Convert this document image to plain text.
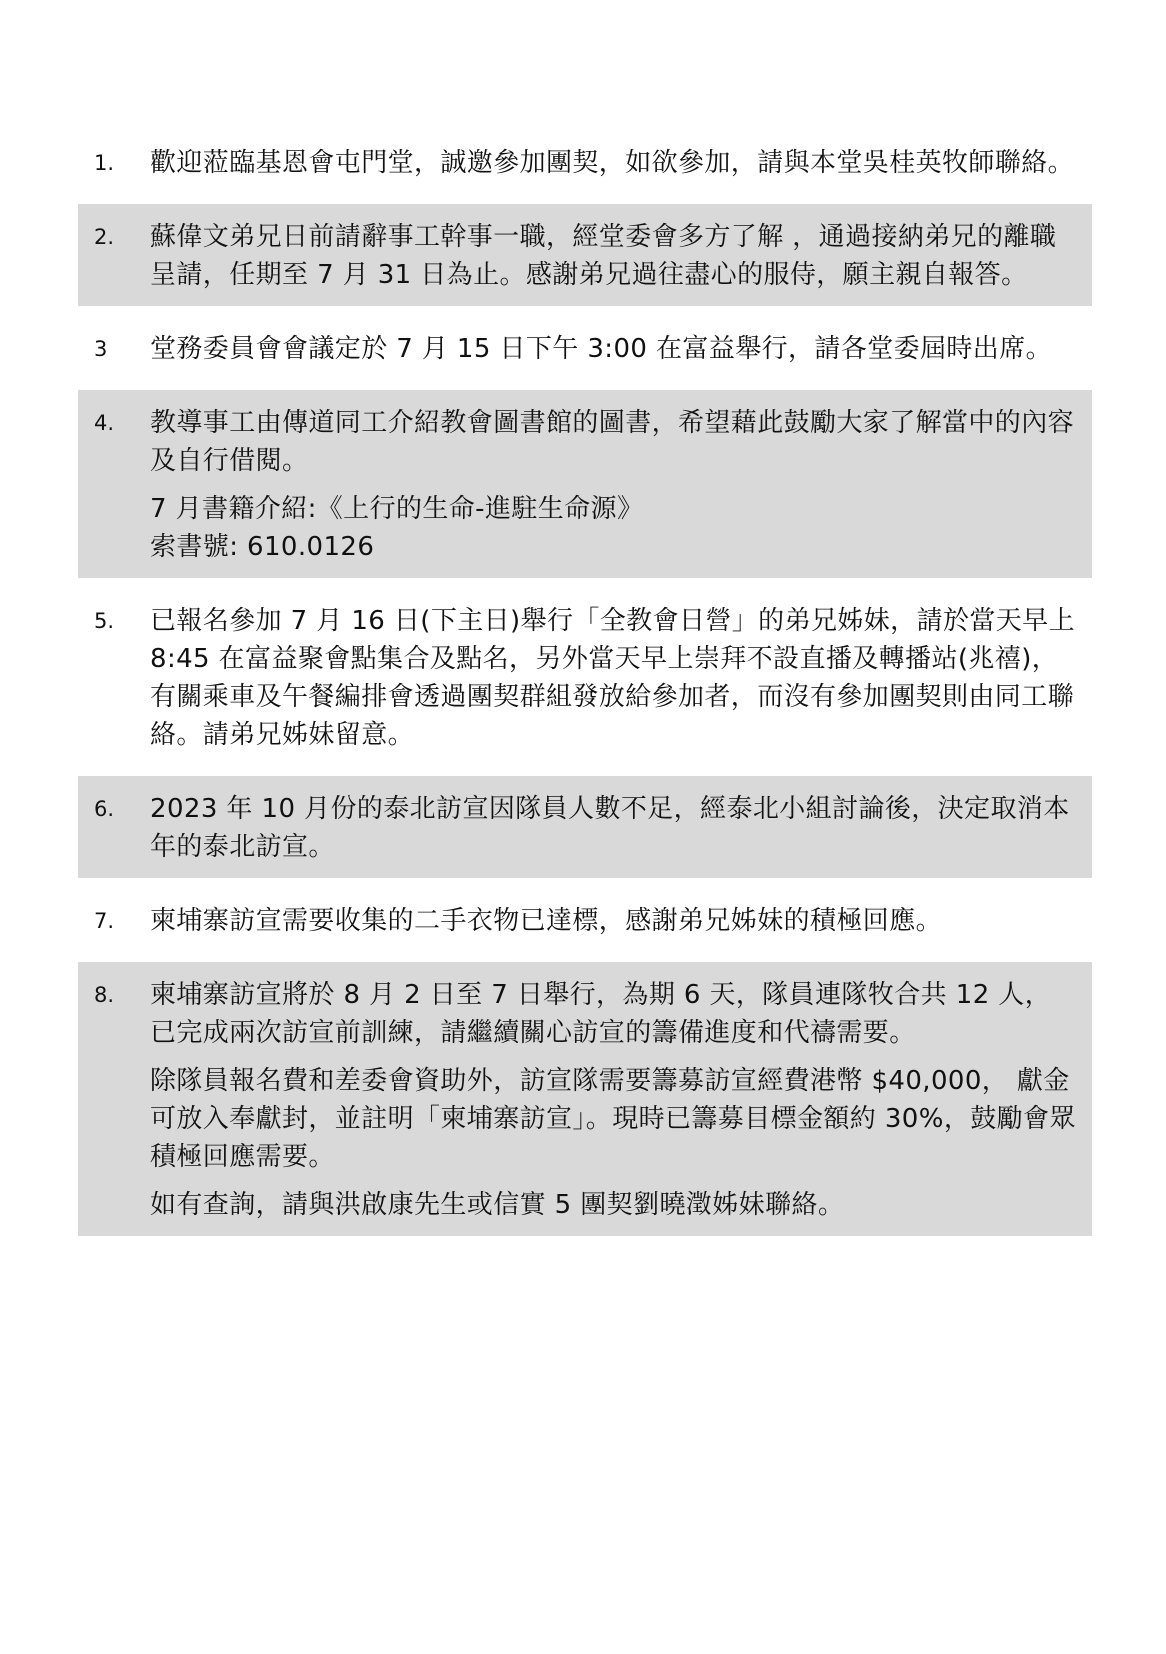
1. 歡迎蒞臨基恩會屯門堂，誠邀參加團契，如欲參加，請與本堂吳桂英牧師聯絡。

2. 蘇偉文弟兄日前請辭事工幹事一職，經堂委會多方了解 ，通過接納弟兄的離職呈請，任期至 7 月 31 日為止。感謝弟兄過往盡心的服侍，願主親自報答。

3 堂務委員會會議定於 7 月 15 日下午 3:00 在富益舉行，請各堂委屆時出席。

4. 教導事工由傳道同工介紹教會圖書館的圖書，希望藉此鼓勵大家了解當中的內容及自行借閱。

7 月書籍介紹:《上行的生命-進駐生命源》
索書號: 610.0126

5. 已報名參加 7 月 16 日(下主日)舉行「全教會日營」的弟兄姊妹，請於當天早上 8:45 在富益聚會點集合及點名，另外當天早上崇拜不設直播及轉播站(兆禧)，有關乘車及午餐編排會透過團契群組發放給參加者，而沒有參加團契則由同工聯絡。請弟兄姊妹留意。

6. 2023 年 10 月份的泰北訪宣因隊員人數不足，經泰北小組討論後，決定取消本年的泰北訪宣。

7. 柬埔寨訪宣需要收集的二手衣物已達標，感謝弟兄姊妹的積極回應。

8. 柬埔寨訪宣將於 8 月 2 日至 7 日舉行，為期 6 天，隊員連隊牧合共 12 人，已完成兩次訪宣前訓練，請繼續關心訪宣的籌備進度和代禱需要。

除隊員報名費和差委會資助外，訪宣隊需要籌募訪宣經費港幣 $40,000， 獻金可放入奉獻封，並註明「柬埔寨訪宣」。現時已籌募目標金額約 30%，鼓勵會眾積極回應需要。

如有查詢，請與洪啟康先生或信實 5 團契劉曉澂姊妹聯絡。
